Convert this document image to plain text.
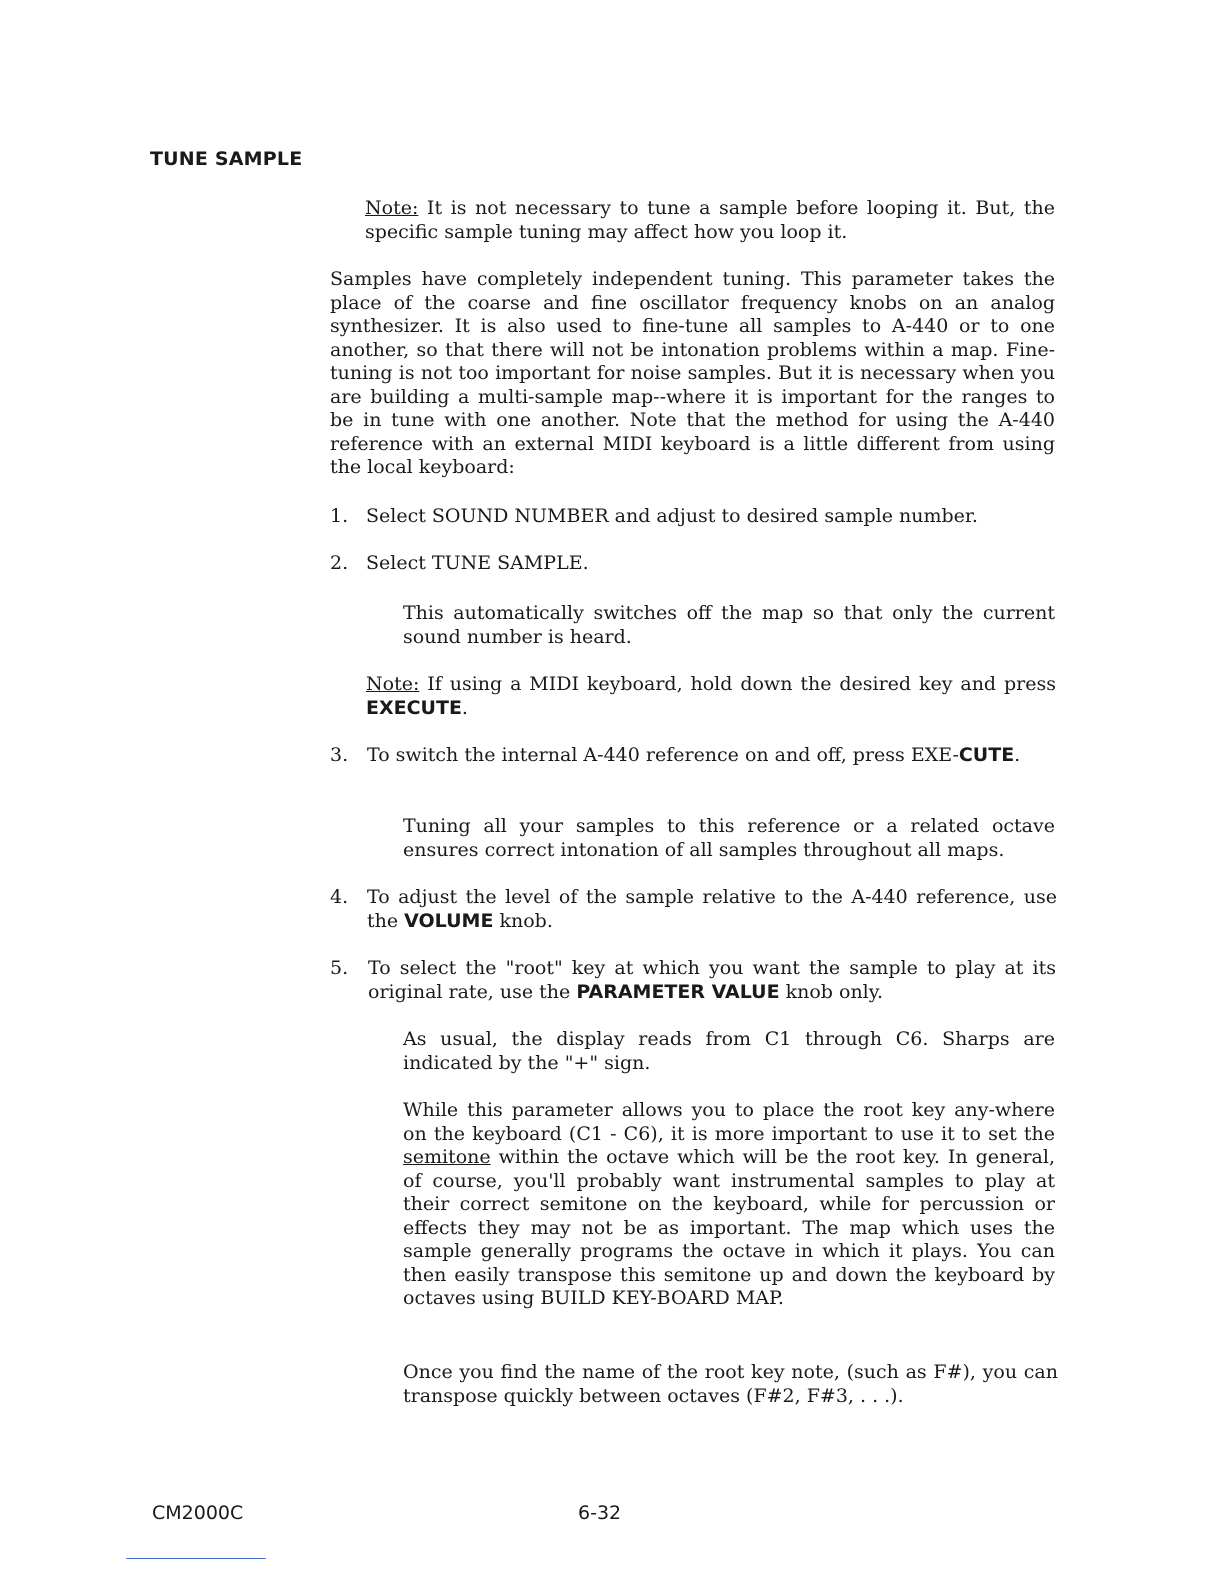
TUNE SAMPLE

Note: It is not necessary to tune a sample before looping it. But, the specific sample tuning may affect how you loop it.

Samples have completely independent tuning. This parameter takes the place of the coarse and fine oscillator frequency knobs on an analog synthesizer. It is also used to fine-tune all samples to A-440 or to one another, so that there will not be intonation problems within a map. Fine-tuning is not too important for noise samples. But it is necessary when you are building a multi-sample map--where it is important for the ranges to be in tune with one another. Note that the method for using the A-440 reference with an external MIDI keyboard is a little different from using the local keyboard:

1. Select SOUND NUMBER and adjust to desired sample number.

2. Select TUNE SAMPLE.

This automatically switches off the map so that only the current sound number is heard.

Note: If using a MIDI keyboard, hold down the desired key and press EXECUTE.

3. To switch the internal A-440 reference on and off, press EXE-CUTE.

Tuning all your samples to this reference or a related octave ensures correct intonation of all samples throughout all maps.

4. To adjust the level of the sample relative to the A-440 reference, use the VOLUME knob.

5. To select the "root" key at which you want the sample to play at its original rate, use the PARAMETER VALUE knob only.

As usual, the display reads from C1 through C6. Sharps are indicated by the "+" sign.

While this parameter allows you to place the root key any-where on the keyboard (C1 - C6), it is more important to use it to set the semitone within the octave which will be the root key. In general, of course, you'll probably want instrumental samples to play at their correct semitone on the keyboard, while for percussion or effects they may not be as important. The map which uses the sample generally programs the octave in which it plays. You can then easily transpose this semitone up and down the keyboard by octaves using BUILD KEY-BOARD MAP.

Once you find the name of the root key note, (such as F#), you can transpose quickly between octaves (F#2, F#3, . . .).

CM2000C	6-32
